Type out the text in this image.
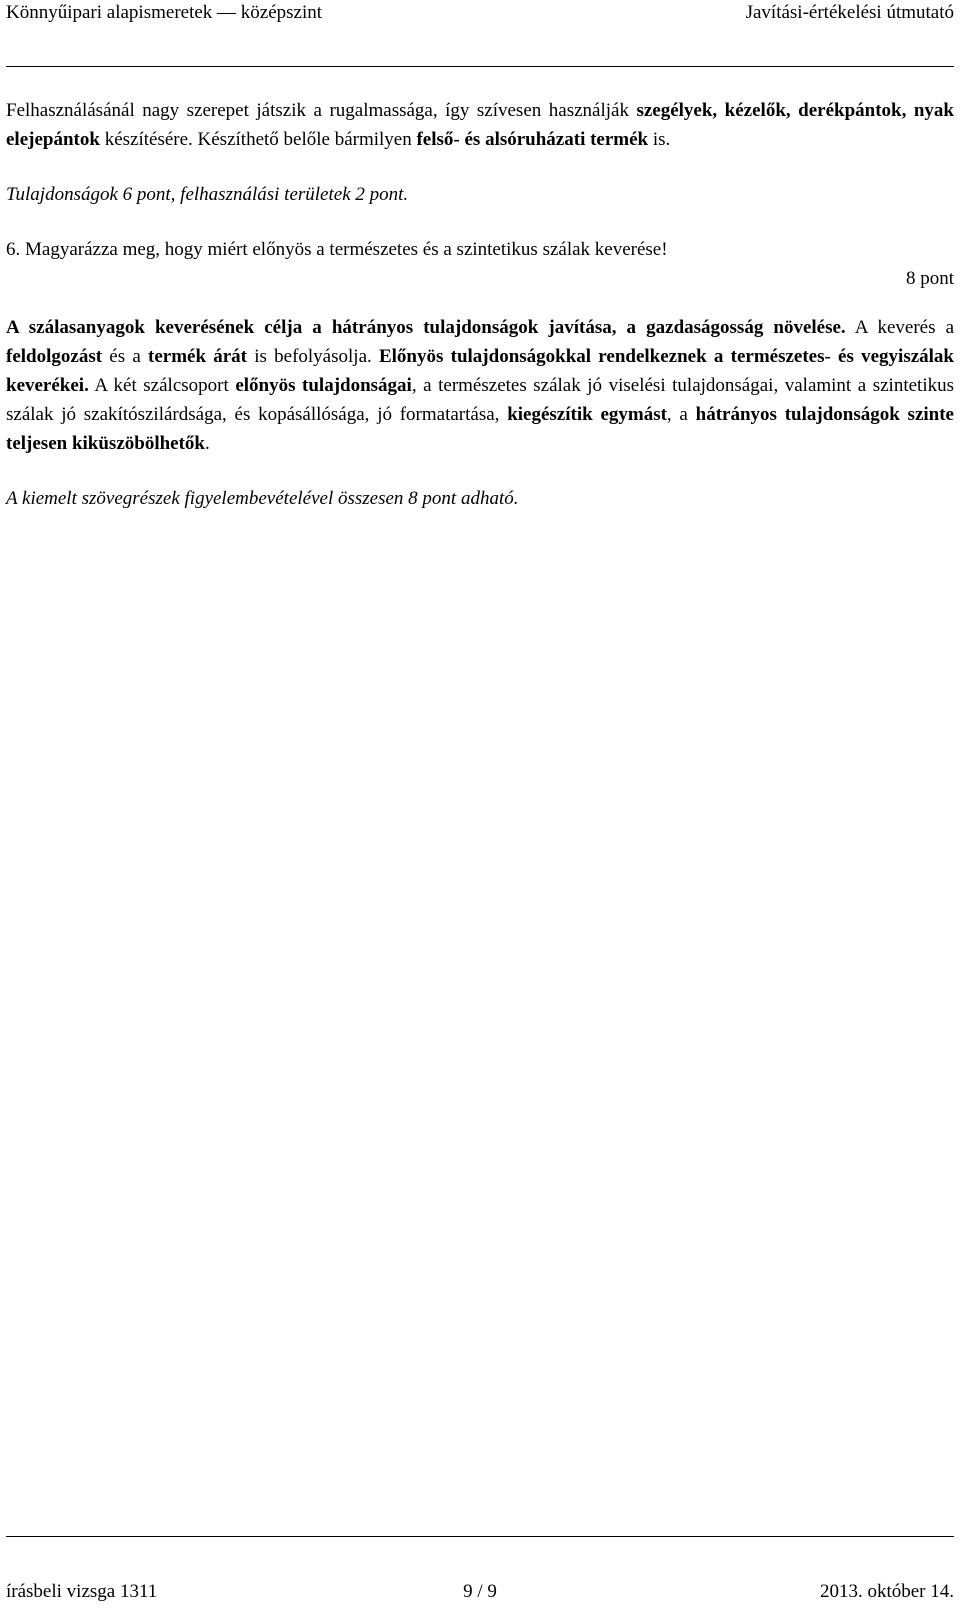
Könnyűipari alapismeretek — középszint	Javítási-értékelési útmutató

Felhasználásánál nagy szerepet játszik a rugalmassága, így szívesen használják szegélyek, kézelők, derékpántok, nyak elejepántok készítésére. Készíthető belőle bármilyen felső- és alsóruházati termék is.

Tulajdonságok 6 pont, felhasználási területek 2 pont.

6. Magyarázza meg, hogy miért előnyös a természetes és a szintetikus szálak keverése!

8 pont

A szálasanyagok keverésének célja a hátrányos tulajdonságok javítása, a gazdaságosság növelése. A keverés a feldolgozást és a termék árát is befolyásolja. Előnyös tulajdonságokkal rendelkeznek a természetes- és vegyiszálak keverékei. A két szálcsoport előnyös tulajdonságai, a természetes szálak jó viselési tulajdonságai, valamint a szintetikus szálak jó szakítószilárdsága, és kopásállósága, jó formatartása, kiegészítik egymást, a hátrányos tulajdonságok szinte teljesen kiküszöbölhetők.

A kiemelt szövegrészek figyelembevételével összesen 8 pont adható.

írásbeli vizsga 1311	9 / 9	2013. október 14.
